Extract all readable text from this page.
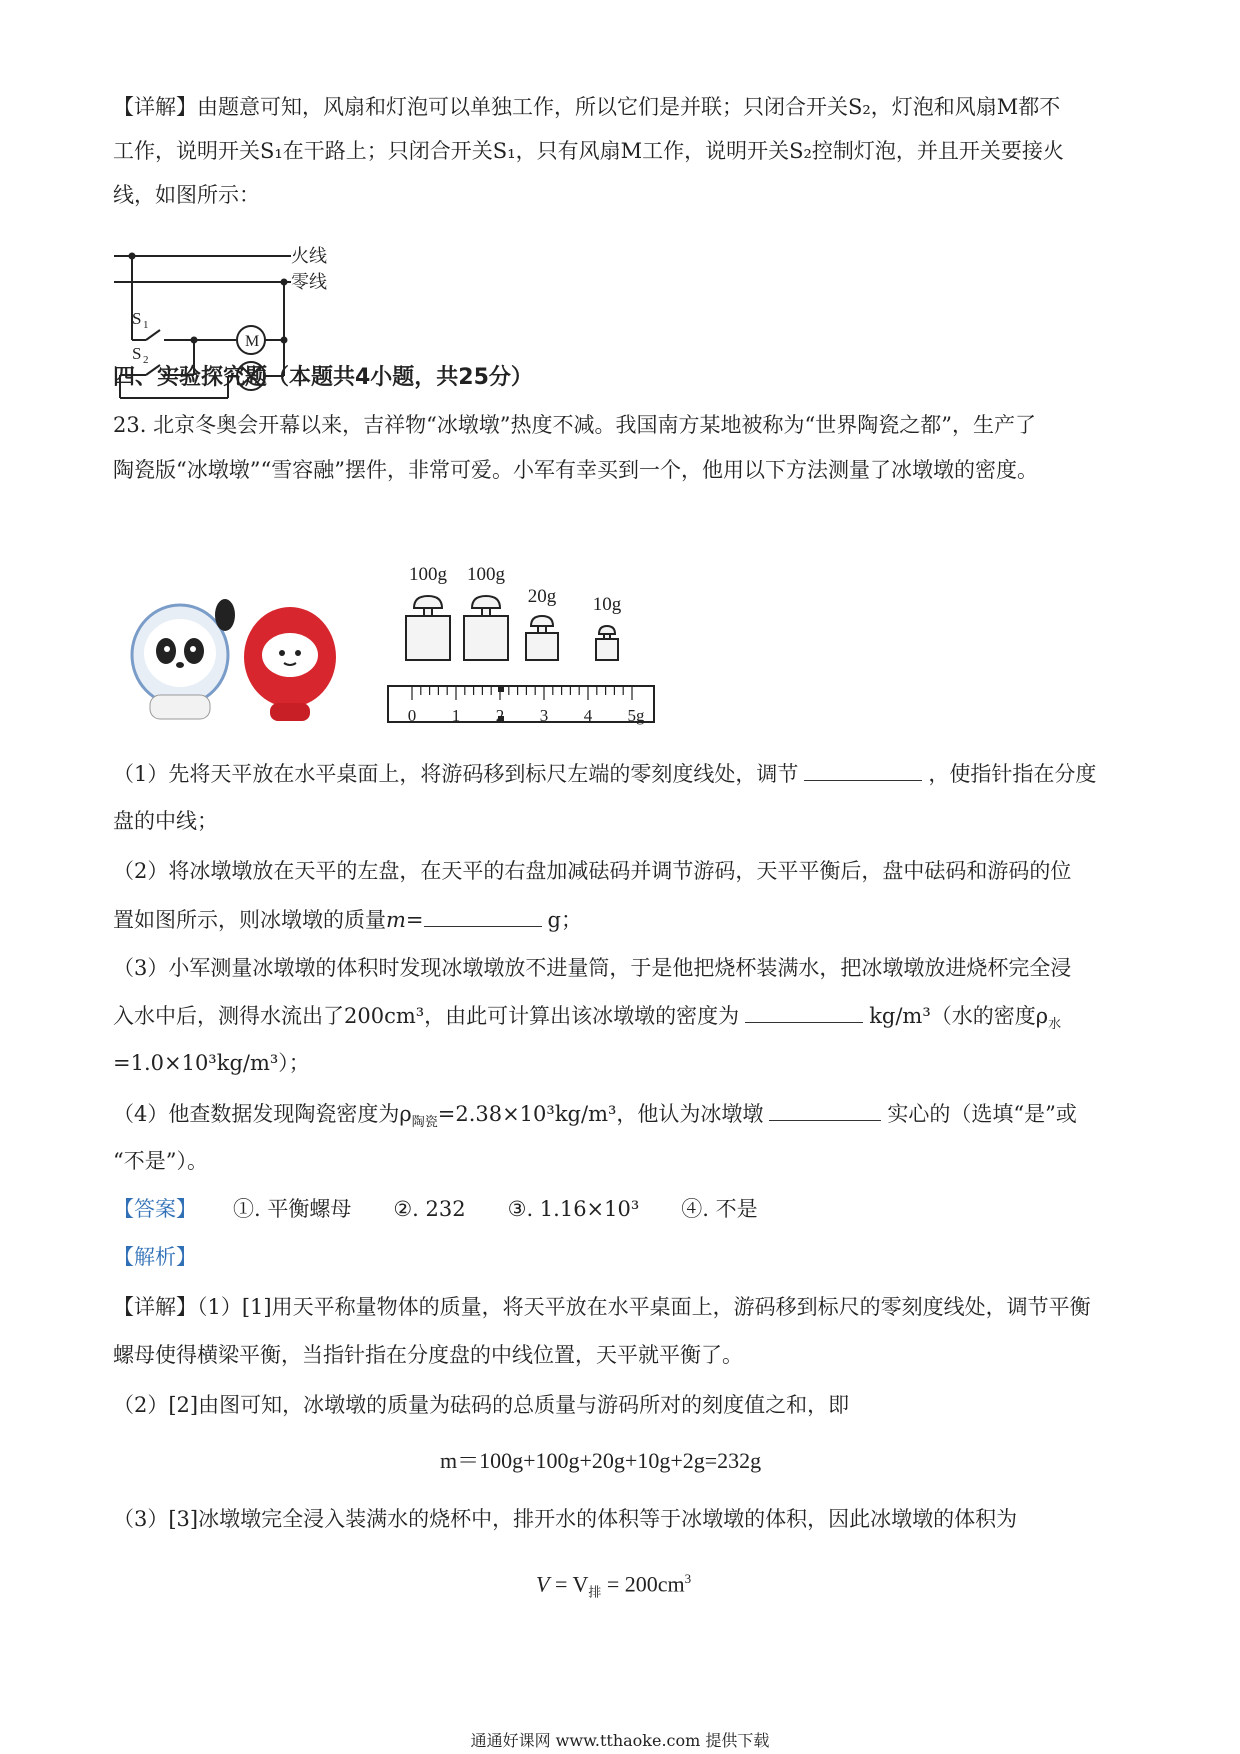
【详解】由题意可知，风扇和灯泡可以单独工作，所以它们是并联；只闭合开关S₂，灯泡和风扇M都不
工作，说明开关S₁在干路上；只闭合开关S₁，只有风扇M工作，说明开关S₂控制灯泡，并且开关要接火
线，如图所示：
火线
零线
S 1
S 2
M
四、实验探究题（本题共4小题，共25分）
23. 北京冬奥会开幕以来，吉祥物“冰墩墩”热度不减。我国南方某地被称为“世界陶瓷之都”，生产了
陶瓷版“冰墩墩”“雪容融”摆件，非常可爱。小军有幸买到一个，他用以下方法测量了冰墩墩的密度。
100g 100g
20g 10g
0 1 2 3 4 5g
（1）先将天平放在水平桌面上，将游码移到标尺左端的零刻度线处，调节	，使指针指在分度
盘的中线；
（2）将冰墩墩放在天平的左盘，在天平的右盘加减砝码并调节游码，天平平衡后，盘中砝码和游码的位
置如图所示，则冰墩墩的质量m=	g；
（3）小军测量冰墩墩的体积时发现冰墩墩放不进量筒，于是他把烧杯装满水，把冰墩墩放进烧杯完全浸
入水中后，测得水流出了200cm³，由此可计算出该冰墩墩的密度为	kg/m³（水的密度$\rho_水$
=1.0×10³kg/m³）；
（4）他查数据发现陶瓷密度为$\rho_{陶瓷}=2.38\times 10^3kg/m^3$，他认为冰墩墩	实心的（选填“是”或
“不是”）。
【答案】 ①. 平衡螺母 ②. 232 ③. 1.16×10³ ④. 不是
【解析】
【详解】（1）[1]用天平称量物体的质量，将天平放在水平桌面上，游码移到标尺的零刻度线处，调节平衡
螺母使得横梁平衡，当指针指在分度盘的中线位置，天平就平衡了。
（2）[2]由图可知，冰墩墩的质量为砝码的总质量与游码所对的刻度值之和，即
m＝100g+100g+20g+10g+2g=232g
（3）[3]冰墩墩完全浸入装满水的烧杯中，排开水的体积等于冰墩墩的体积，因此冰墩墩的体积为
$V = V_排 = 200cm^3$
通通好课网 www.tthaoke.com 提供下载
